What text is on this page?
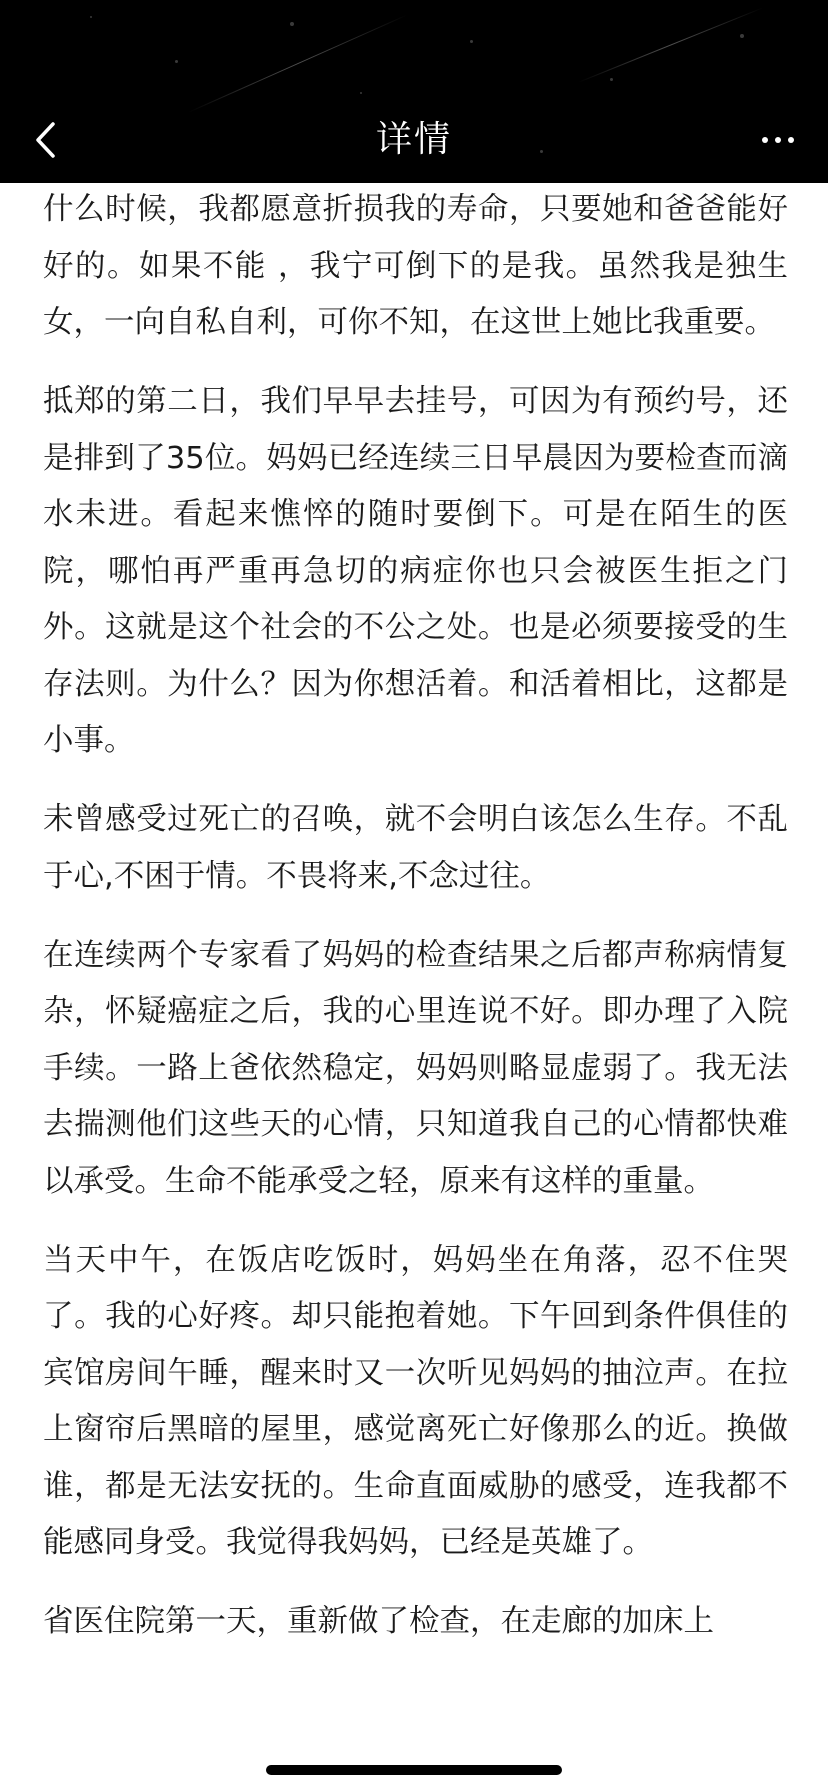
详情

什么时候，我都愿意折损我的寿命，只要她和爸爸能好好的。如果不能 ，我宁可倒下的是我。虽然我是独生女，一向自私自利，可你不知，在这世上她比我重要。

抵郑的第二日，我们早早去挂号，可因为有预约号，还是排到了35位。妈妈已经连续三日早晨因为要检查而滴水未进。看起来憔悴的随时要倒下。可是在陌生的医院，哪怕再严重再急切的病症你也只会被医生拒之门外。这就是这个社会的不公之处。也是必须要接受的生存法则。为什么？因为你想活着。和活着相比，这都是小事。

未曾感受过死亡的召唤，就不会明白该怎么生存。不乱于心,不困于情。不畏将来,不念过往。

在连续两个专家看了妈妈的检查结果之后都声称病情复杂，怀疑癌症之后，我的心里连说不好。即办理了入院手续。一路上爸依然稳定，妈妈则略显虚弱了。我无法去揣测他们这些天的心情，只知道我自己的心情都快难以承受。生命不能承受之轻，原来有这样的重量。

当天中午，在饭店吃饭时，妈妈坐在角落，忍不住哭了。我的心好疼。却只能抱着她。下午回到条件俱佳的宾馆房间午睡，醒来时又一次听见妈妈的抽泣声。在拉上窗帘后黑暗的屋里，感觉离死亡好像那么的近。换做谁，都是无法安抚的。生命直面威胁的感受，连我都不能感同身受。我觉得我妈妈，已经是英雄了。

省医住院第一天，重新做了检查，在走廊的加床上
